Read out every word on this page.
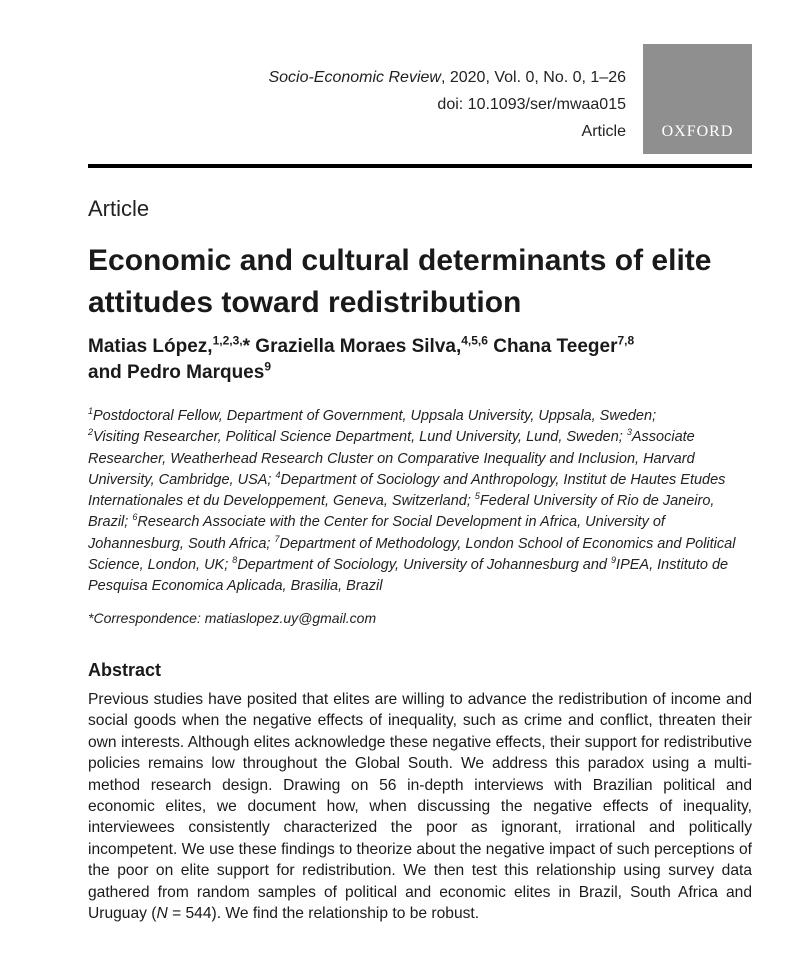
Socio-Economic Review, 2020, Vol. 0, No. 0, 1–26
doi: 10.1093/ser/mwaa015
Article OXFORD
Article
Economic and cultural determinants of elite attitudes toward redistribution
Matias López,$^{1,2,3,}$* Graziella Moraes Silva,$^{4,5,6}$ Chana Teeger$^{7,8}$
and Pedro Marques$^9$
$^1$Postdoctoral Fellow, Department of Government, Uppsala University, Uppsala, Sweden;
$^2$Visiting Researcher, Political Science Department, Lund University, Lund, Sweden; $^3$Associate Researcher, Weatherhead Research Cluster on Comparative Inequality and Inclusion, Harvard University, Cambridge, USA; $^4$Department of Sociology and Anthropology, Institut de Hautes Etudes Internationales et du Developpement, Geneva, Switzerland; $^5$Federal University of Rio de Janeiro, Brazil; $^6$Research Associate with the Center for Social Development in Africa, University of Johannesburg, South Africa; $^7$Department of Methodology, London School of Economics and Political Science, London, UK; $^8$Department of Sociology, University of Johannesburg and $^9$IPEA, Instituto de Pesquisa Economica Aplicada, Brasilia, Brazil
*Correspondence: matiaslopez.uy@gmail.com
Abstract
Previous studies have posited that elites are willing to advance the redistribution of income and social goods when the negative effects of inequality, such as crime and conflict, threaten their own interests. Although elites acknowledge these negative effects, their support for redistributive policies remains low throughout the Global South. We address this paradox using a multi-method research design. Drawing on 56 in-depth interviews with Brazilian political and economic elites, we document how, when discussing the negative effects of inequality, interviewees consistently characterized the poor as ignorant, irrational and politically incompetent. We use these findings to theorize about the negative impact of such perceptions of the poor on elite support for redistribution. We then test this relationship using survey data gathered from random samples of political and economic elites in Brazil, South Africa and Uruguay (N = 544). We find the relationship to be robust.
